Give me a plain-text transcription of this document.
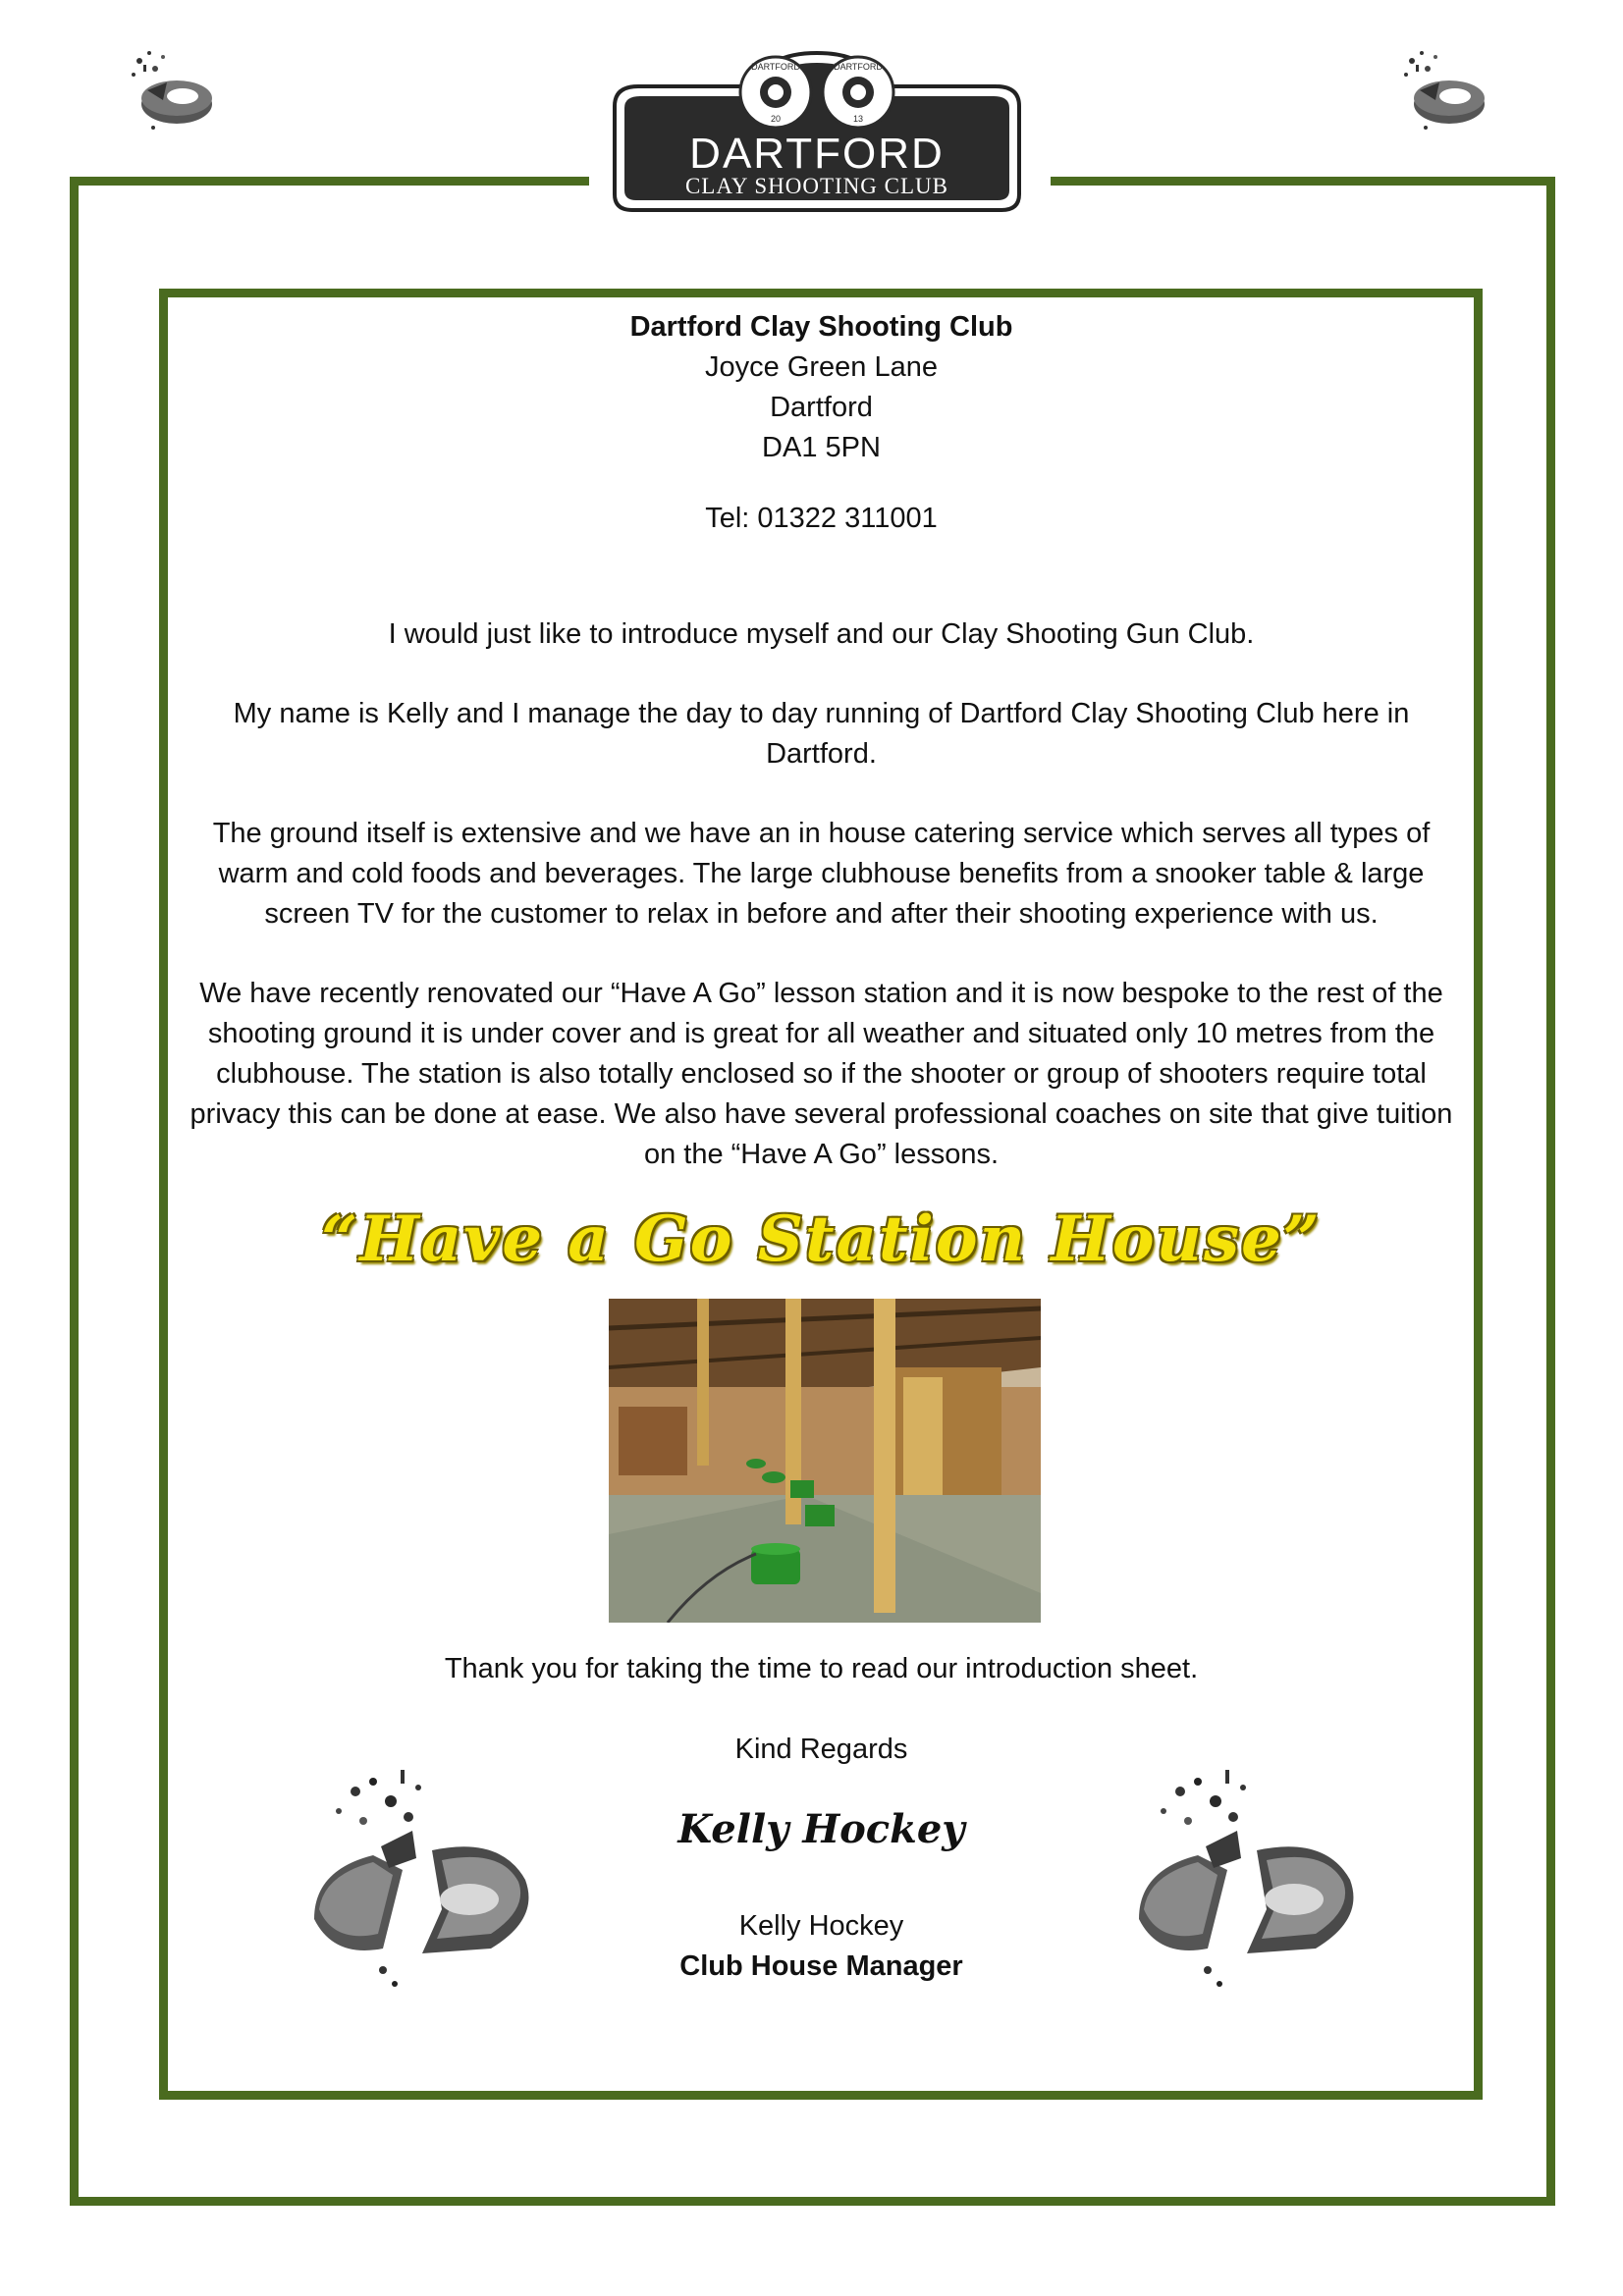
DARTFORD	DARTFORD
20	13
DARTFORD
CLAY SHOOTING CLUB
Dartford Clay Shooting Club
Joyce Green Lane
Dartford
DA1 5PN
Tel: 01322 311001

I would just like to introduce myself and our Clay Shooting Gun Club.

My name is Kelly and I manage the day to day running of Dartford Clay Shooting Club here in Dartford.

The ground itself is extensive and we have an in house catering service which serves all types of warm and cold foods and beverages. The large clubhouse benefits from a snooker table & large screen TV for the customer to relax in before and after their shooting experience with us.

We have recently renovated our “Have A Go” lesson station and it is now bespoke to the rest of the shooting ground it is under cover and is great for all weather and situated only 10 metres from the clubhouse. The station is also totally enclosed so if the shooter or group of shooters require total privacy this can be done at ease. We also have several professional coaches on site that give tuition on the “Have A Go” lessons.

“Have a Go Station House”
Thank you for taking the time to read our introduction sheet.
Kind Regards
Kelly Hockey
Kelly Hockey
Club House Manager
